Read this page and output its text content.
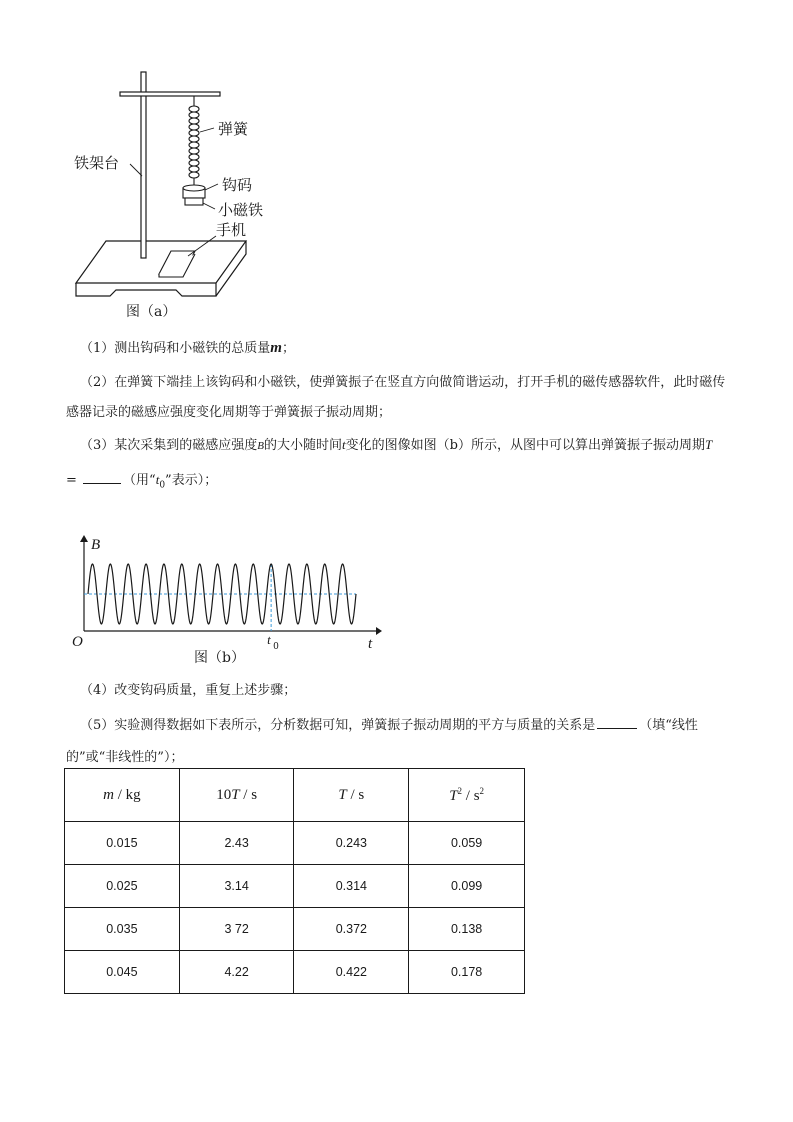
弹簧
铁架台
钩码
小磁铁
手机
图（a）

（1）测出钩码和小磁铁的总质量m；

（2）在弹簧下端挂上该钩码和小磁铁，使弹簧振子在竖直方向做简谐运动，打开手机的磁传感器软件，此时磁传感器记录的磁感应强度变化周期等于弹簧振子振动周期；

（3）某次采集到的磁感应强度B的大小随时间t变化的图像如图（b）所示，从图中可以算出弹簧振子振动周期T =	（用“$t_0$”表示）；

B
O	t
t 0
图（b）

（4）改变钩码质量，重复上述步骤；

（5）实验测得数据如下表所示，分析数据可知，弹簧振子振动周期的平方与质量的关系是	（填“线性的”或“非线性的”）；

m / kg	10T / s	T / s	$T^2 / s^2$
0.015	2.43	0.243	0.059
0.025	3.14	0.314	0.099
0.035	3 72	0.372	0.138
0.045	4.22	0.422	0.178
